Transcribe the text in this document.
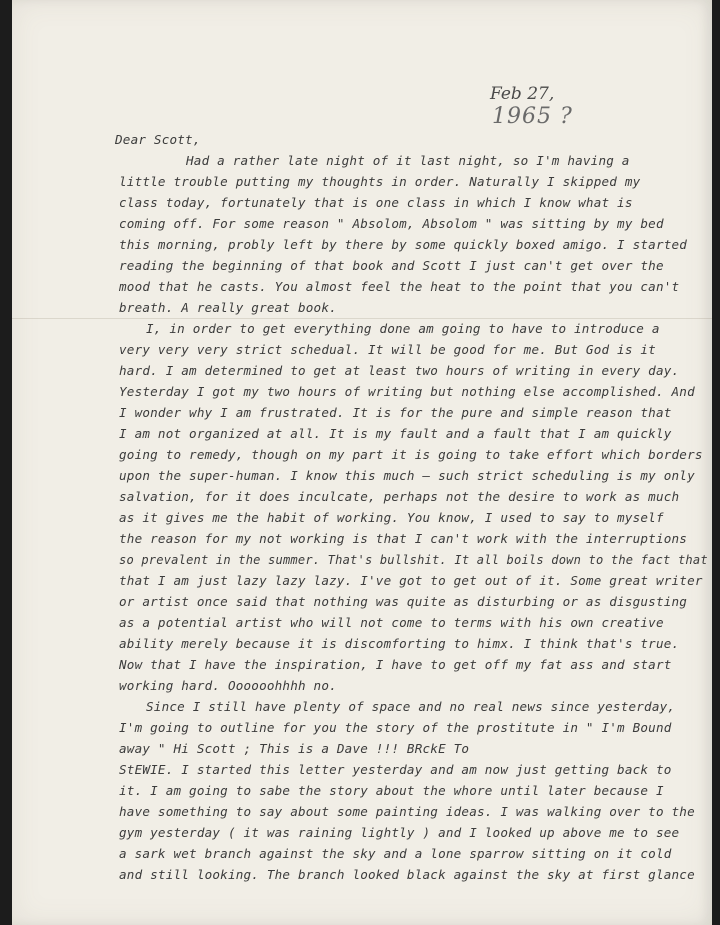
Feb 27,
1965 ?
Dear Scott,
Had a rather late night of it last night, so I'm having a
little trouble putting my thoughts in order. Naturally I skipped my
class today, fortunately that is one class in which I know what is
coming off. For some reason " Absolom, Absolom " was sitting by my bed
this morning, probly left by there by some quickly boxed amigo. I started
reading the beginning of that book and Scott I just can't get over the
mood that he casts. You almost feel the heat to the point that you can't
breath. A really great book.
I, in order to get everything done am going to have to introduce a
very very very strict schedual. It will be good for me. But God is it
hard. I am determined to get at least two hours of writing in every day.
Yesterday I got my two hours of writing but nothing else accomplished. And
I wonder why I am frustrated. It is for the pure and simple reason that
I am not organized at all. It is my fault and a fault that I am quickly
going to remedy, though on my part it is going to take effort which borders
upon the super-human. I know this much — such strict scheduling is my only
salvation, for it does inculcate, perhaps not the desire to work as much
as it gives me the habit of working. You know, I used to say to myself
the reason for my not working is that I can't work with the interruptions
so prevalent in the summer. That's bullshit. It all boils down to the fact that
that I am just lazy lazy lazy. I've got to get out of it. Some great writer
or artist once said that nothing was quite as disturbing or as disgusting
as a potential artist who will not come to terms with his own creative
ability merely because it is discomforting to himx. I think that's true.
Now that I have the inspiration, I have to get off my fat ass and start
working hard. Oooooohhhh no.
Since I still have plenty of space and no real news since yesterday,
I'm going to outline for you the story of the prostitute in " I'm Bound
away " Hi Scott ; This is a Dave !!! BRckE To
StEWIE. I started this letter yesterday and am now just getting back to
it. I am going to sabe the story about the whore until later because I
have something to say about some painting ideas. I was walking over to the
gym yesterday ( it was raining lightly ) and I looked up above me to see
a sark wet branch against the sky and a lone sparrow sitting on it cold
and still looking. The branch looked black against the sky at first glance
